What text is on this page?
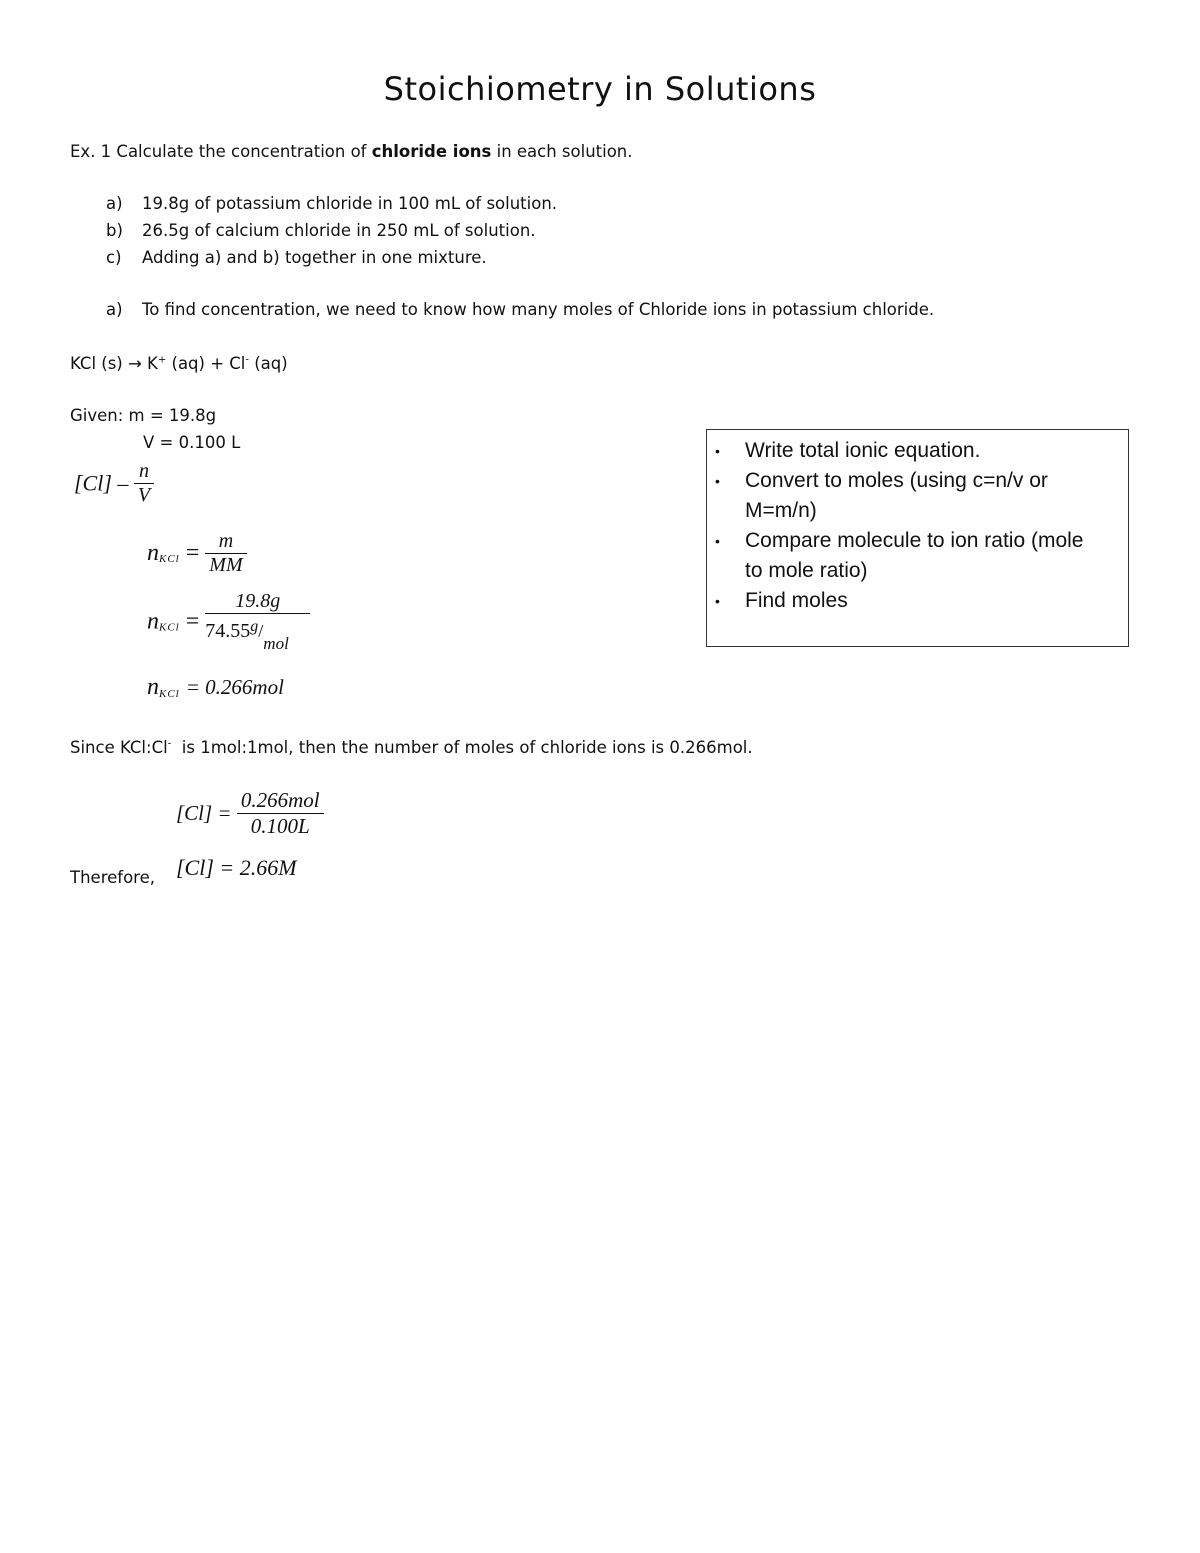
Stoichiometry in Solutions
Ex. 1 Calculate the concentration of chloride ions in each solution.
a) 19.8g of potassium chloride in 100 mL of solution.
b) 26.5g of calcium chloride in 250 mL of solution.
c) Adding a) and b) together in one mixture.
a) To find concentration, we need to know how many moles of Chloride ions in potassium chloride.
KCl (s) → K+ (aq) + Cl- (aq)
Given: m = 19.8g
V = 0.100 L
$[Cl] - \frac{n}{V}$
nKCl = $\frac{m}{MM}$
nKCl = $\frac{19.8g}{74.55^g/_{mol}}$
nKCl = 0.266mol
Since KCl:Cl-  is 1mol:1mol, then the number of moles of chloride ions is 0.266mol.
$[Cl] = \frac{\text{0.266mol}}{0.100L}$
Therefore, [Cl] = 2.66M
• Write total ionic equation.
• Convert to moles (using c=n/v or M=m/n)
• Compare molecule to ion ratio (mole to mole ratio)
• Find moles
